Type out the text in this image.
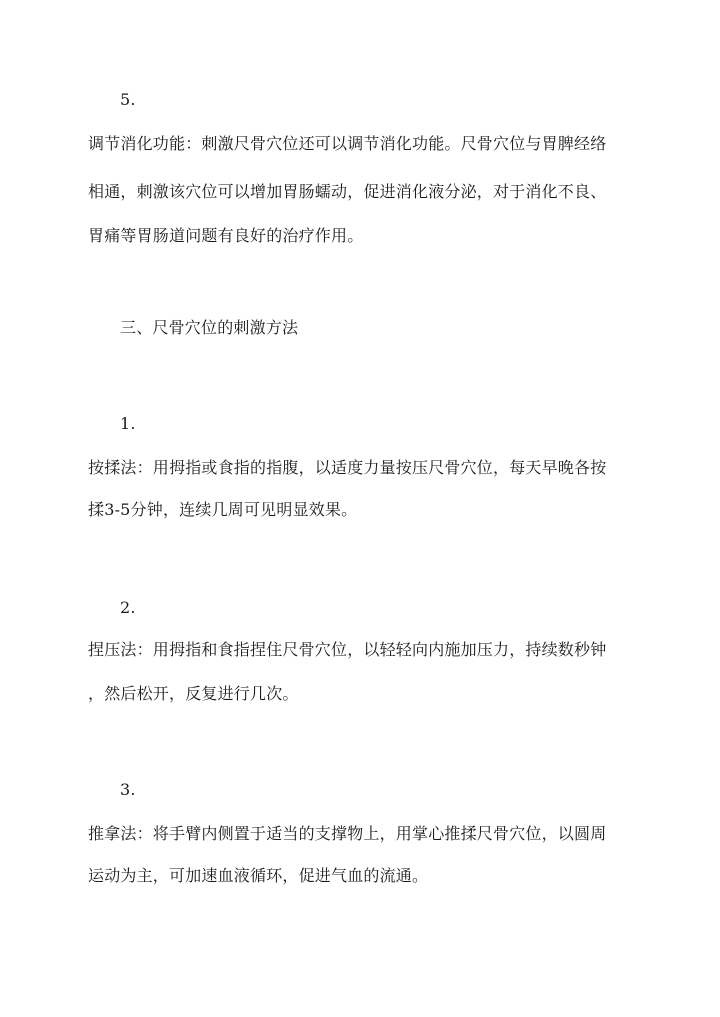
5.
调节消化功能：刺激尺骨穴位还可以调节消化功能。尺骨穴位与胃脾经络
相通，刺激该穴位可以增加胃肠蠕动，促进消化液分泌，对于消化不良、
胃痛等胃肠道问题有良好的治疗作用。
三、尺骨穴位的刺激方法
1.
按揉法：用拇指或食指的指腹，以适度力量按压尺骨穴位，每天早晚各按
揉3-5分钟，连续几周可见明显效果。
2.
捏压法：用拇指和食指捏住尺骨穴位，以轻轻向内施加压力，持续数秒钟
，然后松开，反复进行几次。
3.
推拿法：将手臂内侧置于适当的支撑物上，用掌心推揉尺骨穴位，以圆周
运动为主，可加速血液循环，促进气血的流通。
